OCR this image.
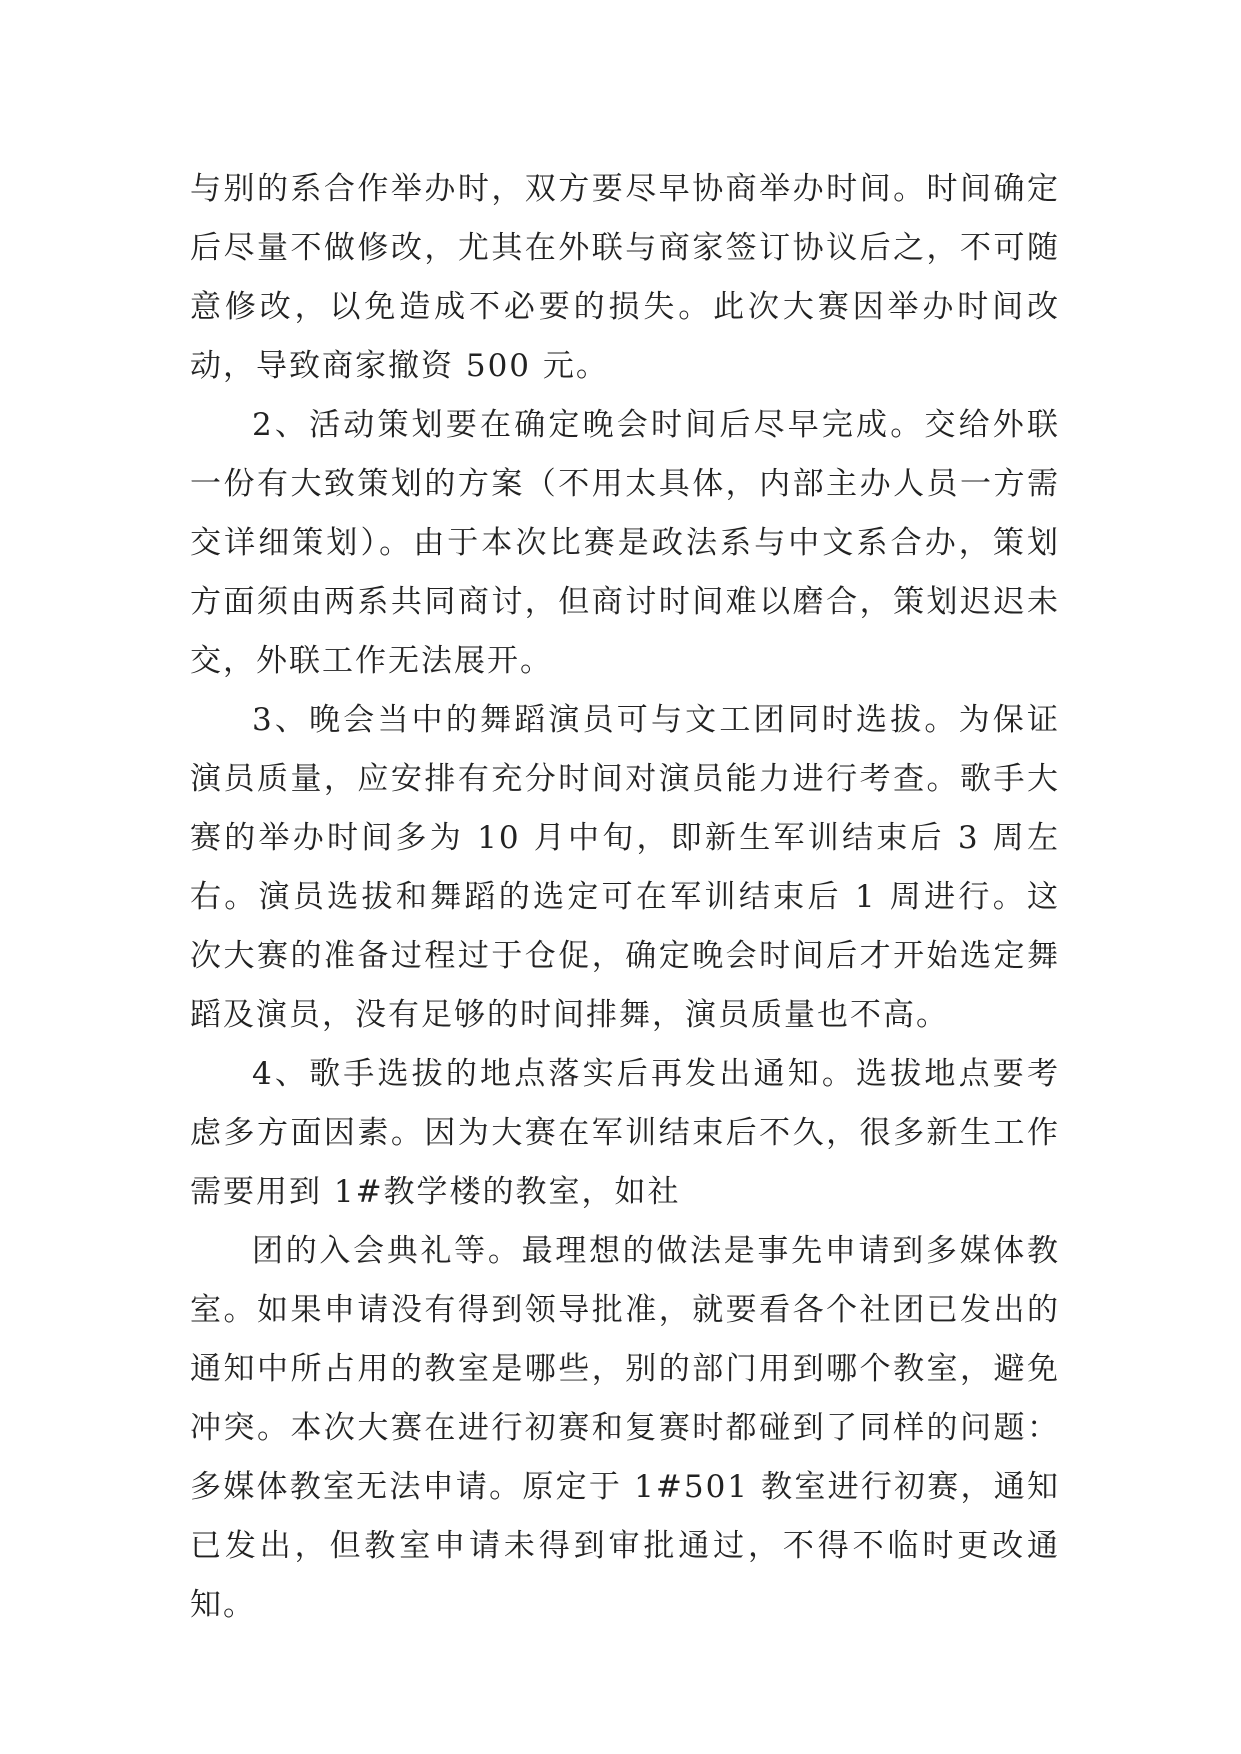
与别的系合作举办时，双方要尽早协商举办时间。时间确定后尽量不做修改，尤其在外联与商家签订协议后之，不可随意修改，以免造成不必要的损失。此次大赛因举办时间改动，导致商家撤资 500 元。

2、活动策划要在确定晚会时间后尽早完成。交给外联一份有大致策划的方案（不用太具体，内部主办人员一方需交详细策划）。由于本次比赛是政法系与中文系合办，策划方面须由两系共同商讨，但商讨时间难以磨合，策划迟迟未交，外联工作无法展开。

3、晚会当中的舞蹈演员可与文工团同时选拔。为保证演员质量，应安排有充分时间对演员能力进行考查。歌手大赛的举办时间多为 10 月中旬，即新生军训结束后 3 周左右。演员选拔和舞蹈的选定可在军训结束后 1 周进行。这次大赛的准备过程过于仓促，确定晚会时间后才开始选定舞蹈及演员，没有足够的时间排舞，演员质量也不高。

4、歌手选拔的地点落实后再发出通知。选拔地点要考虑多方面因素。因为大赛在军训结束后不久，很多新生工作需要用到 1#教学楼的教室，如社

团的入会典礼等。最理想的做法是事先申请到多媒体教室。如果申请没有得到领导批准，就要看各个社团已发出的通知中所占用的教室是哪些，别的部门用到哪个教室，避免冲突。本次大赛在进行初赛和复赛时都碰到了同样的问题：多媒体教室无法申请。原定于 1#501 教室进行初赛，通知已发出，但教室申请未得到审批通过，不得不临时更改通知。
